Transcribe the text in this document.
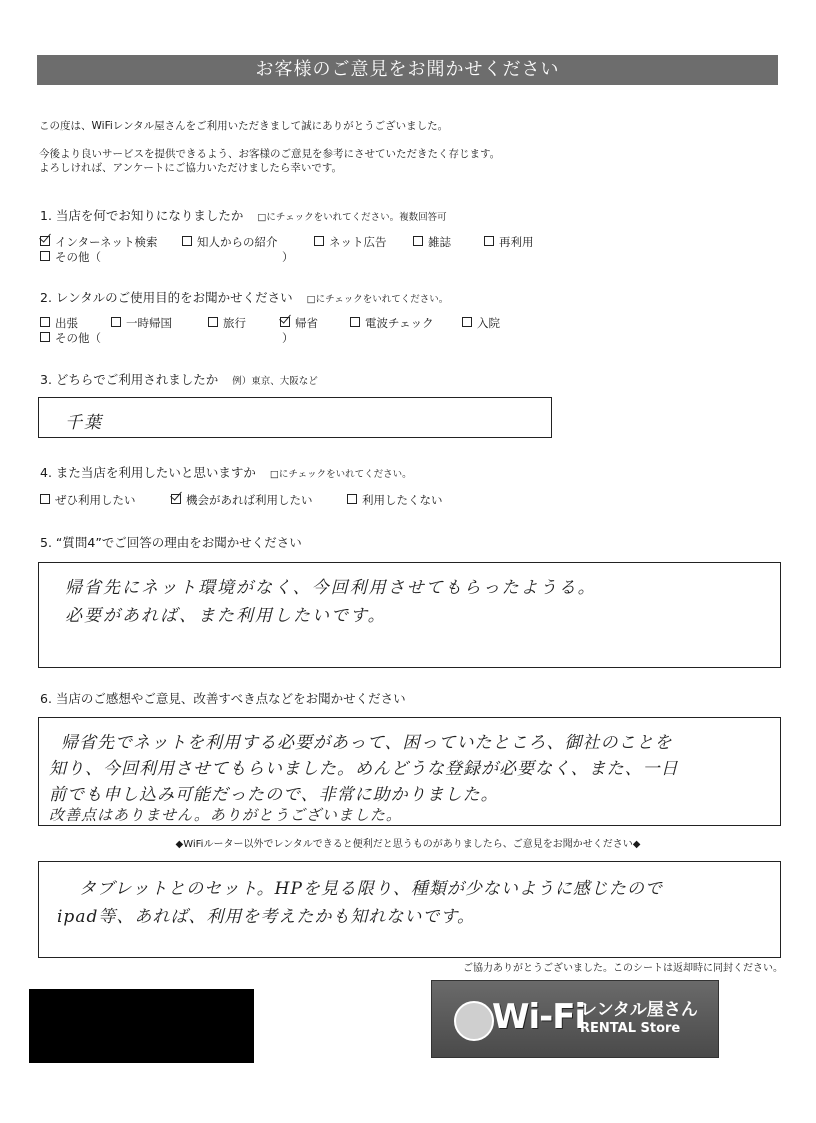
お客様のご意見をお聞かせください
この度は、WiFiレンタル屋さんをご利用いただきまして誠にありがとうございました。
今後より良いサービスを提供できるよう、お客様のご意見を参考にさせていただきたく存じます。
よろしければ、アンケートにご協力いただけましたら幸いです。
1. 当店を何でお知りになりましたか □にチェックをいれてください。複数回答可
インターネット検索	知人からの紹介	ネット広告	雑誌	再利用
その他（	）
2. レンタルのご使用目的をお聞かせください □にチェックをいれてください。
出張	一時帰国	旅行	帰省	電波チェック	入院
その他（	）
3. どちらでご利用されましたか 例）東京、大阪など
千葉
4. また当店を利用したいと思いますか □にチェックをいれてください。
ぜひ利用したい	機会があれば利用したい	利用したくない
5. “質問4”でご回答の理由をお聞かせください
帰省先にネット環境がなく、今回利用させてもらったようる。
必要があれば、また利用したいです。
6. 当店のご感想やご意見、改善すべき点などをお聞かせください
帰省先でネットを利用する必要があって、困っていたところ、御社のことを
知り、今回利用させてもらいました。めんどうな登録が必要なく、また、一日
前でも申し込み可能だったので、非常に助かりました。
改善点はありません。ありがとうございました。
◆WiFiルーター以外でレンタルできると便利だと思うものがありましたら、ご意見をお聞かせください◆
タブレットとのセット。HPを見る限り、種類が少ないように感じたので
ipad等、あれば、利用を考えたかも知れないです。
ご協力ありがとうございました。このシートは返却時に同封ください。
Wi-Fi
レンタル屋さん
RENTAL Store
